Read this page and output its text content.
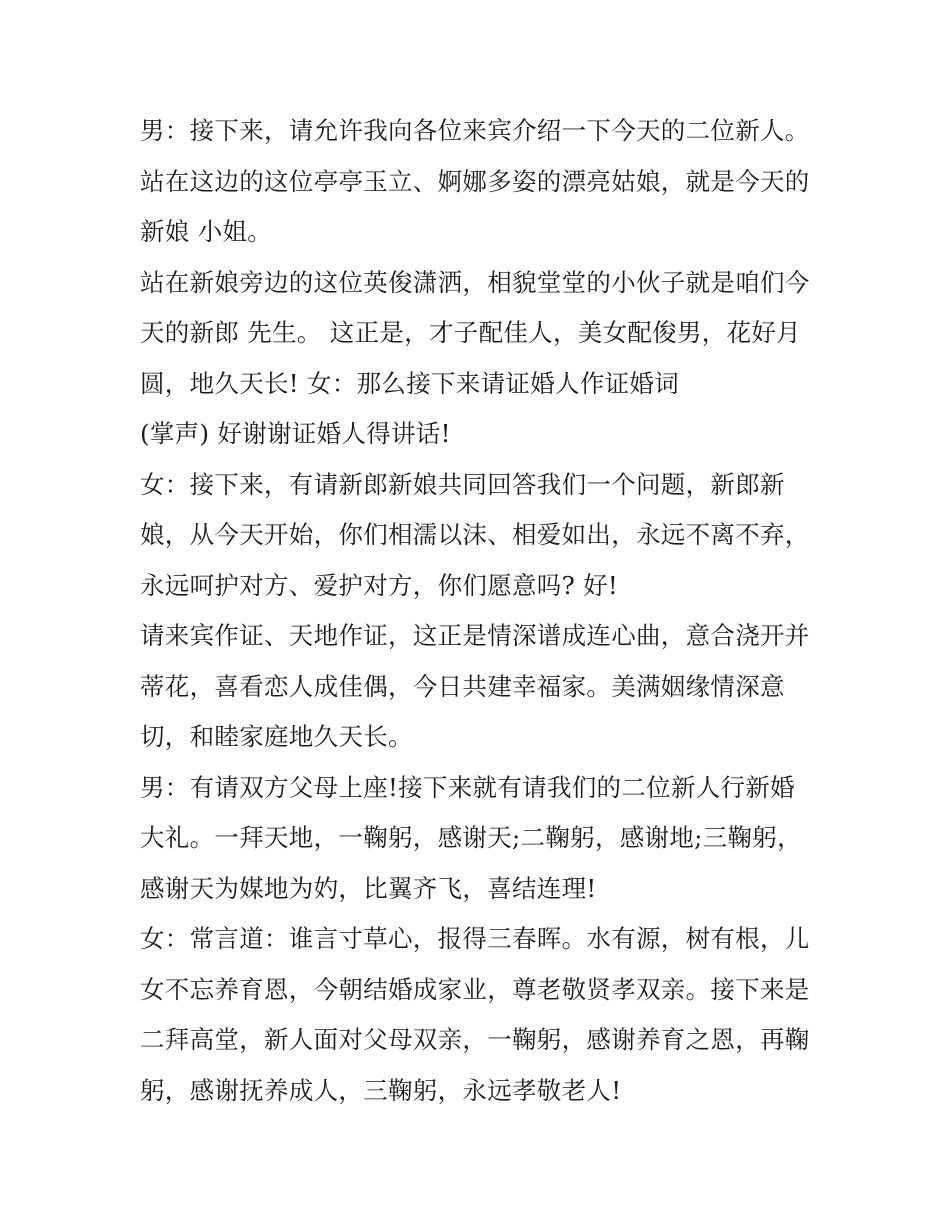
男：接下来，请允许我向各位来宾介绍一下今天的二位新人。
站在这边的这位亭亭玉立、婀娜多姿的漂亮姑娘，就是今天的
新娘 小姐。
站在新娘旁边的这位英俊潇洒，相貌堂堂的小伙子就是咱们今
天的新郎 先生。 这正是，才子配佳人，美女配俊男，花好月
圆，地久天长! 女：那么接下来请证婚人作证婚词
(掌声) 好谢谢证婚人得讲话!
女：接下来，有请新郎新娘共同回答我们一个问题，新郎新
娘，从今天开始，你们相濡以沫、相爱如出，永远不离不弃，
永远呵护对方、爱护对方，你们愿意吗? 好!
请来宾作证、天地作证，这正是情深谱成连心曲，意合浇开并
蒂花，喜看恋人成佳偶，今日共建幸福家。美满姻缘情深意
切，和睦家庭地久天长。
男：有请双方父母上座!接下来就有请我们的二位新人行新婚
大礼。一拜天地，一鞠躬，感谢天;二鞠躬，感谢地;三鞠躬，
感谢天为媒地为妁，比翼齐飞，喜结连理!
女：常言道：谁言寸草心，报得三春晖。水有源，树有根，儿
女不忘养育恩，今朝结婚成家业，尊老敬贤孝双亲。接下来是
二拜高堂，新人面对父母双亲，一鞠躬，感谢养育之恩，再鞠
躬，感谢抚养成人，三鞠躬，永远孝敬老人!
